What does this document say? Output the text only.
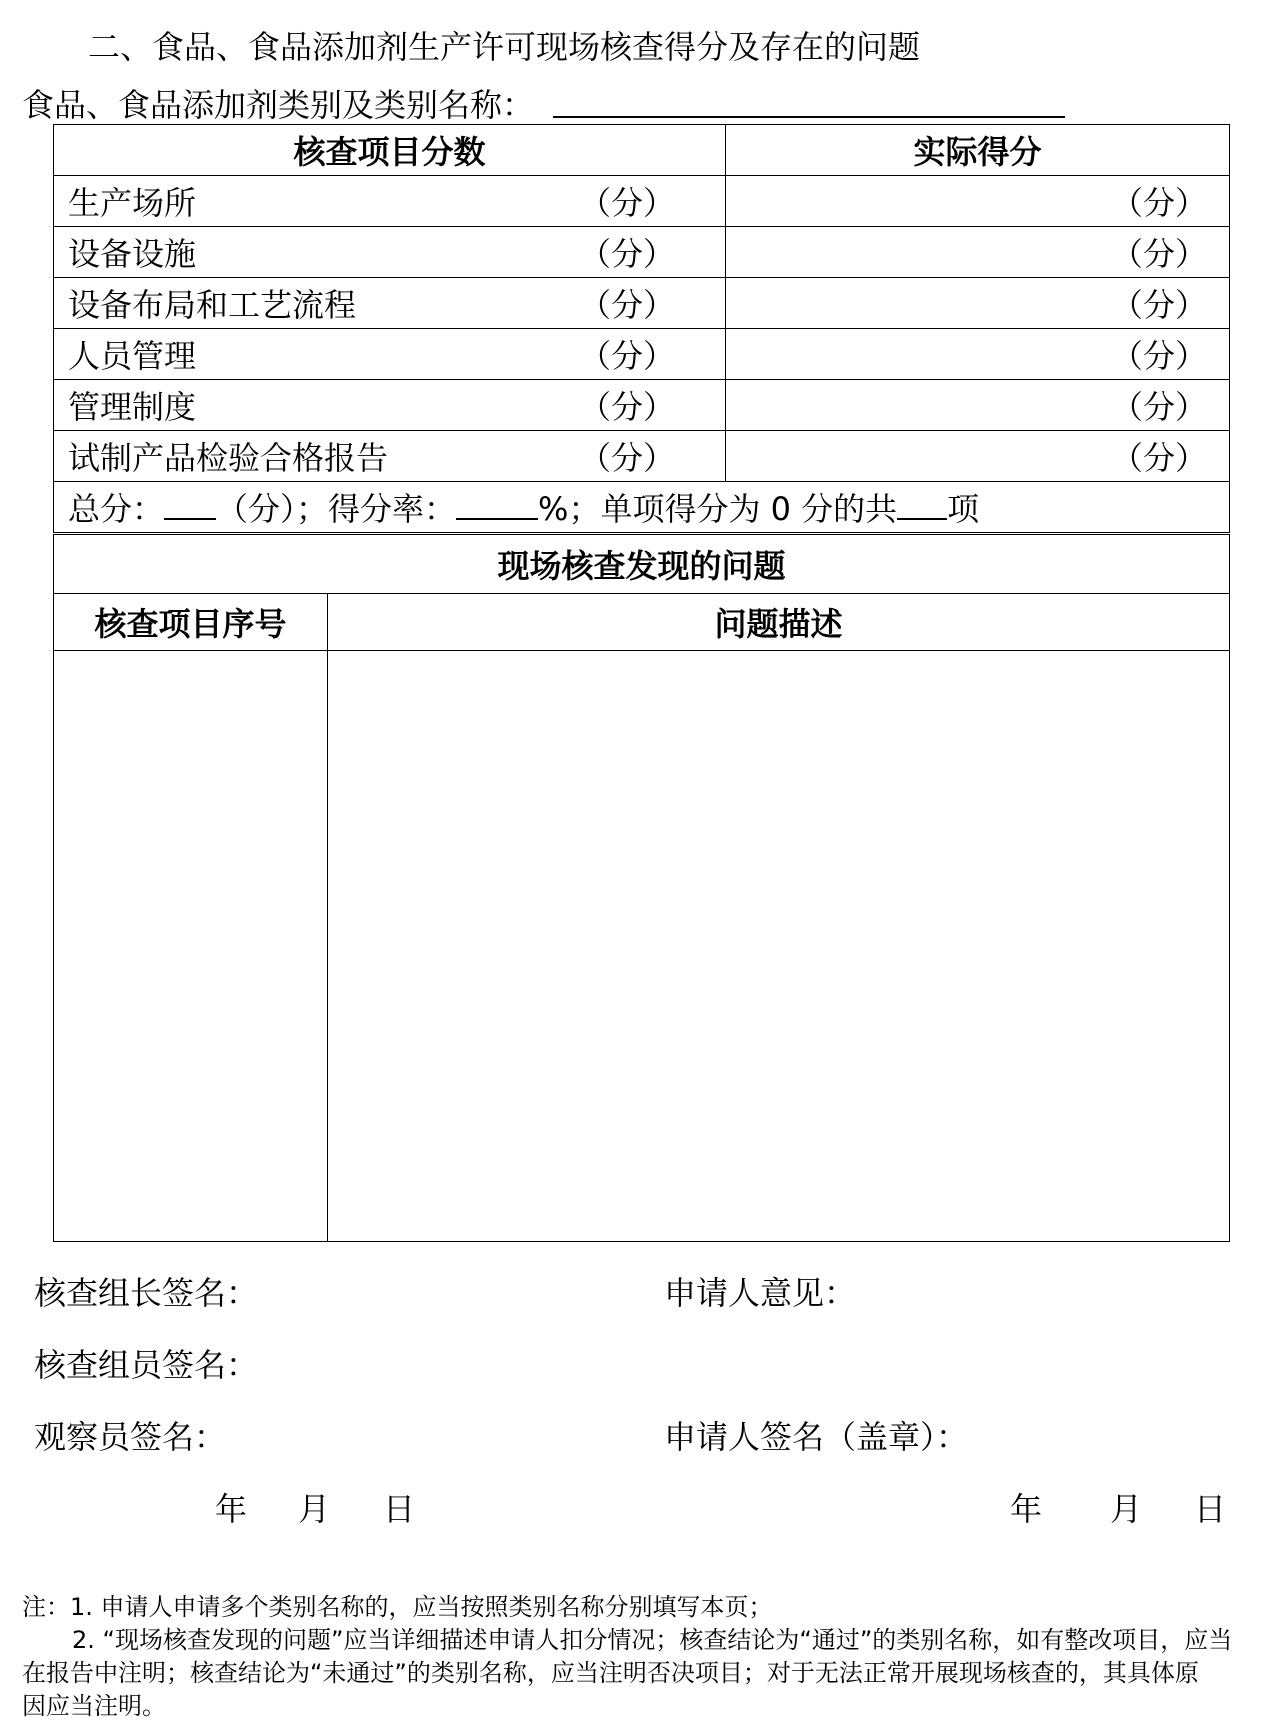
二、食品、食品添加剂生产许可现场核查得分及存在的问题
食品、食品添加剂类别及类别名称：
核查项目分数	实际得分
生产场所 （分）	（分）

设备设施 （分）	（分）

设备布局和工艺流程 （分）	（分）

人员管理 （分）	（分）

管理制度 （分）	（分）

试制产品检验合格报告 （分）	（分）

总分： （分）；得分率： %；单项得分为 0 分的共 项	
现场核查发现的问题	
核查项目序号	问题描述

核查组长签名：	申请人意见：
核查组员签名：
观察员签名：	申请人签名（盖章）：
年 月 日	年 月 日
注：1. 申请人申请多个类别名称的，应当按照类别名称分别填写本页；
2. “现场核查发现的问题”应当详细描述申请人扣分情况；核查结论为“通过”的类别名称，如有整改项目，应当
在报告中注明；核查结论为“未通过”的类别名称，应当注明否决项目；对于无法正常开展现场核查的，其具体原
因应当注明。
